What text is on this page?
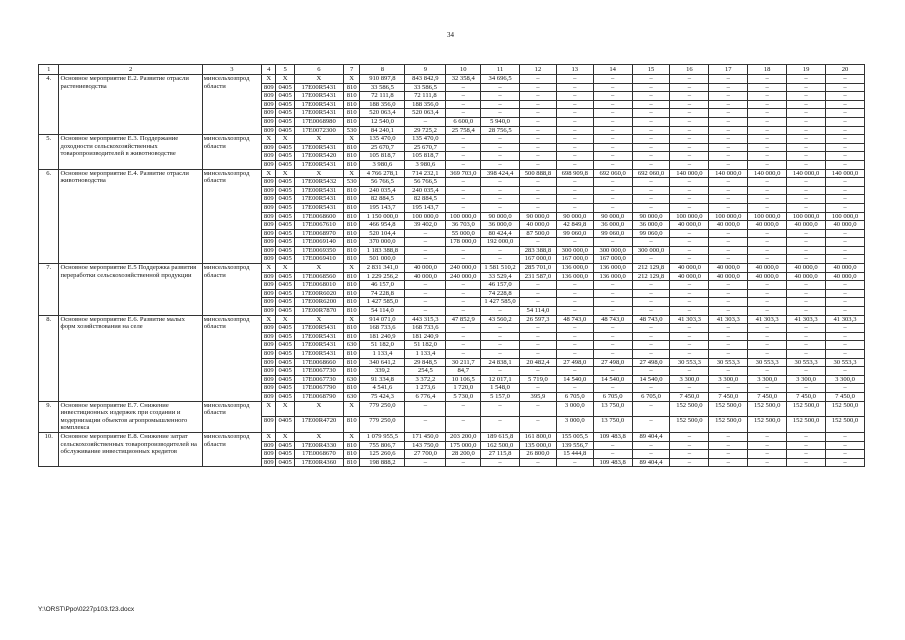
34
1	2	3	4	5	6	7	8	9	10	11	12	13	14	15	16	17	18	19	20
4.	Основное мероприятие Е.2. Развитие отрасли растениеводства	минсельхозпрод области	X	X	X	X	910 897,8	843 842,9	32 358,4	34 696,5	–	–	–	–	–	–	–	–	–
			809	0405	17E00R5431	810	33 586,5	33 586,5	–	–	–	–	–	–	–	–	–	–	–
			809	0405	17E00R5431	810	72 111,8	72 111,8	–	–	–	–	–	–	–	–	–	–	–
			809	0405	17E00R5431	810	188 356,0	188 356,0	–	–	–	–	–	–	–	–	–	–	–
			809	0405	17E00R5431	810	520 063,4	520 063,4	–	–	–	–	–	–	–	–	–	–	–
			809	0405	17E0068980	810	12 540,0	–	6 600,0	5 940,0	–	–	–	–	–	–	–	–	–
			809	0405	17E0072300	530	84 240,1	29 725,2	25 758,4	28 756,5	–	–	–	–	–	–	–	–	–
5.	Основное мероприятие Е.3. Поддержание доходности сельскохозяйственных товаропроизводителей в животноводстве	минсельхозпрод области	X	X	X	X	135 470,0	135 470,0	–	–	–	–	–	–	–	–	–	–	–
			809	0405	17E00R5431	810	25 670,7	25 670,7	–	–	–	–	–	–	–	–	–	–	–
			809	0405	17E00R5420	810	105 818,7	105 818,7	–	–	–	–	–	–	–	–	–	–	–
			809	0405	17E00R5431	810	3 980,6	3 980,6	–	–	–	–	–	–	–	–	–	–	–
6.	Основное мероприятие Е.4. Развитие отрасли животноводства	минсельхозпрод области	X	X	X	X	4 766 278,1	714 232,1	369 703,0	398 424,4	500 888,8	698 909,8	692 060,0	692 060,0	140 000,0	140 000,0	140 000,0	140 000,0	140 000,0
			809	0405	17E00R5432	530	56 766,5	56 766,5	–	–	–	–	–	–	–	–	–	–	–
			809	0405	17E00R5431	810	240 035,4	240 035,4	–	–	–	–	–	–	–	–	–	–	–
			809	0405	17E00R5431	810	82 884,5	82 884,5	–	–	–	–	–	–	–	–	–	–	–
			809	0405	17E00R5431	810	195 143,7	195 143,7	–	–	–	–	–	–	–	–	–	–	–
			809	0405	17E0068600	810	1 150 000,0	100 000,0	100 000,0	90 000,0	90 000,0	90 000,0	90 000,0	90 000,0	100 000,0	100 000,0	100 000,0	100 000,0	100 000,0
			809	0405	17E0067610	810	466 954,8	39 402,0	36 703,0	36 000,0	40 000,0	42 849,8	36 000,0	36 000,0	40 000,0	40 000,0	40 000,0	40 000,0	40 000,0
			809	0405	17E0068970	810	520 104,4	–	55 000,0	80 424,4	87 500,0	99 060,0	99 060,0	99 060,0	–	–	–	–	–
			809	0405	17E0069140	810	370 000,0	–	178 000,0	192 000,0	–	–	–	–	–	–	–	–	–
			809	0405	17E0069350	810	1 183 388,8	–	–	–	283 388,8	300 000,0	300 000,0	300 000,0	–	–	–	–	–
			809	0405	17E0069410	810	501 000,0	–	–	–	167 000,0	167 000,0	167 000,0	–	–	–	–	–	–
7.	Основное мероприятие Е.5 Поддержка развития переработки сельскохозяйственной продукции	минсельхозпрод области	X	X	X	X	2 831 341,0	40 000,0	240 000,0	1 581 510,2	285 701,0	136 000,0	136 000,0	212 129,8	40 000,0	40 000,0	40 000,0	40 000,0	40 000,0
			809	0405	17E0068560	810	1 229 256,2	40 000,0	240 000,0	33 529,4	231 587,0	136 000,0	136 000,0	212 129,8	40 000,0	40 000,0	40 000,0	40 000,0	40 000,0
			809	0405	17E0068010	810	46 157,0	–	–	46 157,0	–	–	–	–	–	–	–	–	–
			809	0405	17E00R6020	810	74 228,8	–	–	74 228,8	–	–	–	–	–	–	–	–	–
			809	0405	17E00R6200	810	1 427 585,0	–	–	1 427 585,0	–	–	–	–	–	–	–	–	–
			809	0405	17E00R7870	810	54 114,0	–	–	–	54 114,0	–	–	–	–	–	–	–	–
8.	Основное мероприятие Е.6. Развитие малых форм хозяйствования на селе	минсельхозпрод области	X	X	X	X	914 071,0	443 315,3	47 852,9	43 560,2	26 597,3	48 743,0	48 743,0	48 743,0	41 303,3	41 303,3	41 303,3	41 303,3	41 303,3
			809	0405	17E00R5431	810	168 733,6	168 733,6	–	–	–	–	–	–	–	–	–	–	–
			809	0405	17E00R5431	810	181 240,9	181 240,9	–	–	–	–	–	–	–	–	–	–	–
			809	0405	17E00R5431	630	51 182,0	51 182,0	–	–	–	–	–	–	–	–	–	–	–
			809	0405	17E00R5431	810	1 133,4	1 133,4	–	–	–	–	–	–	–	–	–	–	–
			809	0405	17E0068660	810	340 641,2	29 848,5	30 211,7	24 838,1	20 482,4	27 498,0	27 498,0	27 498,0	30 553,3	30 553,3	30 553,3	30 553,3	30 553,3
			809	0405	17E0067730	810	339,2	254,5	84,7	–	–	–	–	–	–	–	–	–	–
			809	0405	17E0067730	630	91 334,8	3 372,2	10 106,5	12 017,1	5 719,0	14 540,0	14 540,0	14 540,0	3 300,0	3 300,0	3 300,0	3 300,0	3 300,0
			809	0405	17E0067790	810	4 541,6	1 273,6	1 720,0	1 548,0	–	–	–	–	–	–	–	–	–
			809	0405	17E0068790	630	75 424,3	6 776,4	5 730,0	5 157,0	395,9	6 705,0	6 705,0	6 705,0	7 450,0	7 450,0	7 450,0	7 450,0	7 450,0
9.	Основное мероприятие Е.7. Снижение инвестиционных издержек при создании и модернизации объектов агропромышленного комплекса	минсельхозпрод области	X	X	X	X	779 250,0	–	–	–	–	3 000,0	13 750,0	–	152 500,0	152 500,0	152 500,0	152 500,0	152 500,0
			809	0405	17E00R4720	810	779 250,0	–	–	–	–	3 000,0	13 750,0	–	152 500,0	152 500,0	152 500,0	152 500,0	152 500,0
10.	Основное мероприятие Е.8. Снижение затрат сельскохозяйственных товаропроизводителей на обслуживание инвестиционных кредитов	минсельхозпрод области	X	X	X	X	1 079 955,5	171 450,0	203 200,0	189 615,8	161 800,0	155 005,5	109 483,8	89 404,4	–	–	–	–	–
			809	0405	17E00R4330	810	755 806,7	143 750,0	175 000,0	162 500,0	135 000,0	139 556,7	–	–	–	–	–	–	–
			809	0405	17E0068670	810	125 260,6	27 700,0	28 200,0	27 115,8	26 800,0	15 444,8	–	–	–	–	–	–	–
			809	0405	17E00R4360	810	198 888,2	–	–	–	–	–	109 483,8	89 404,4	–	–	–	–	–
Y:\ORST\Ppo\0227p103.f23.docx
